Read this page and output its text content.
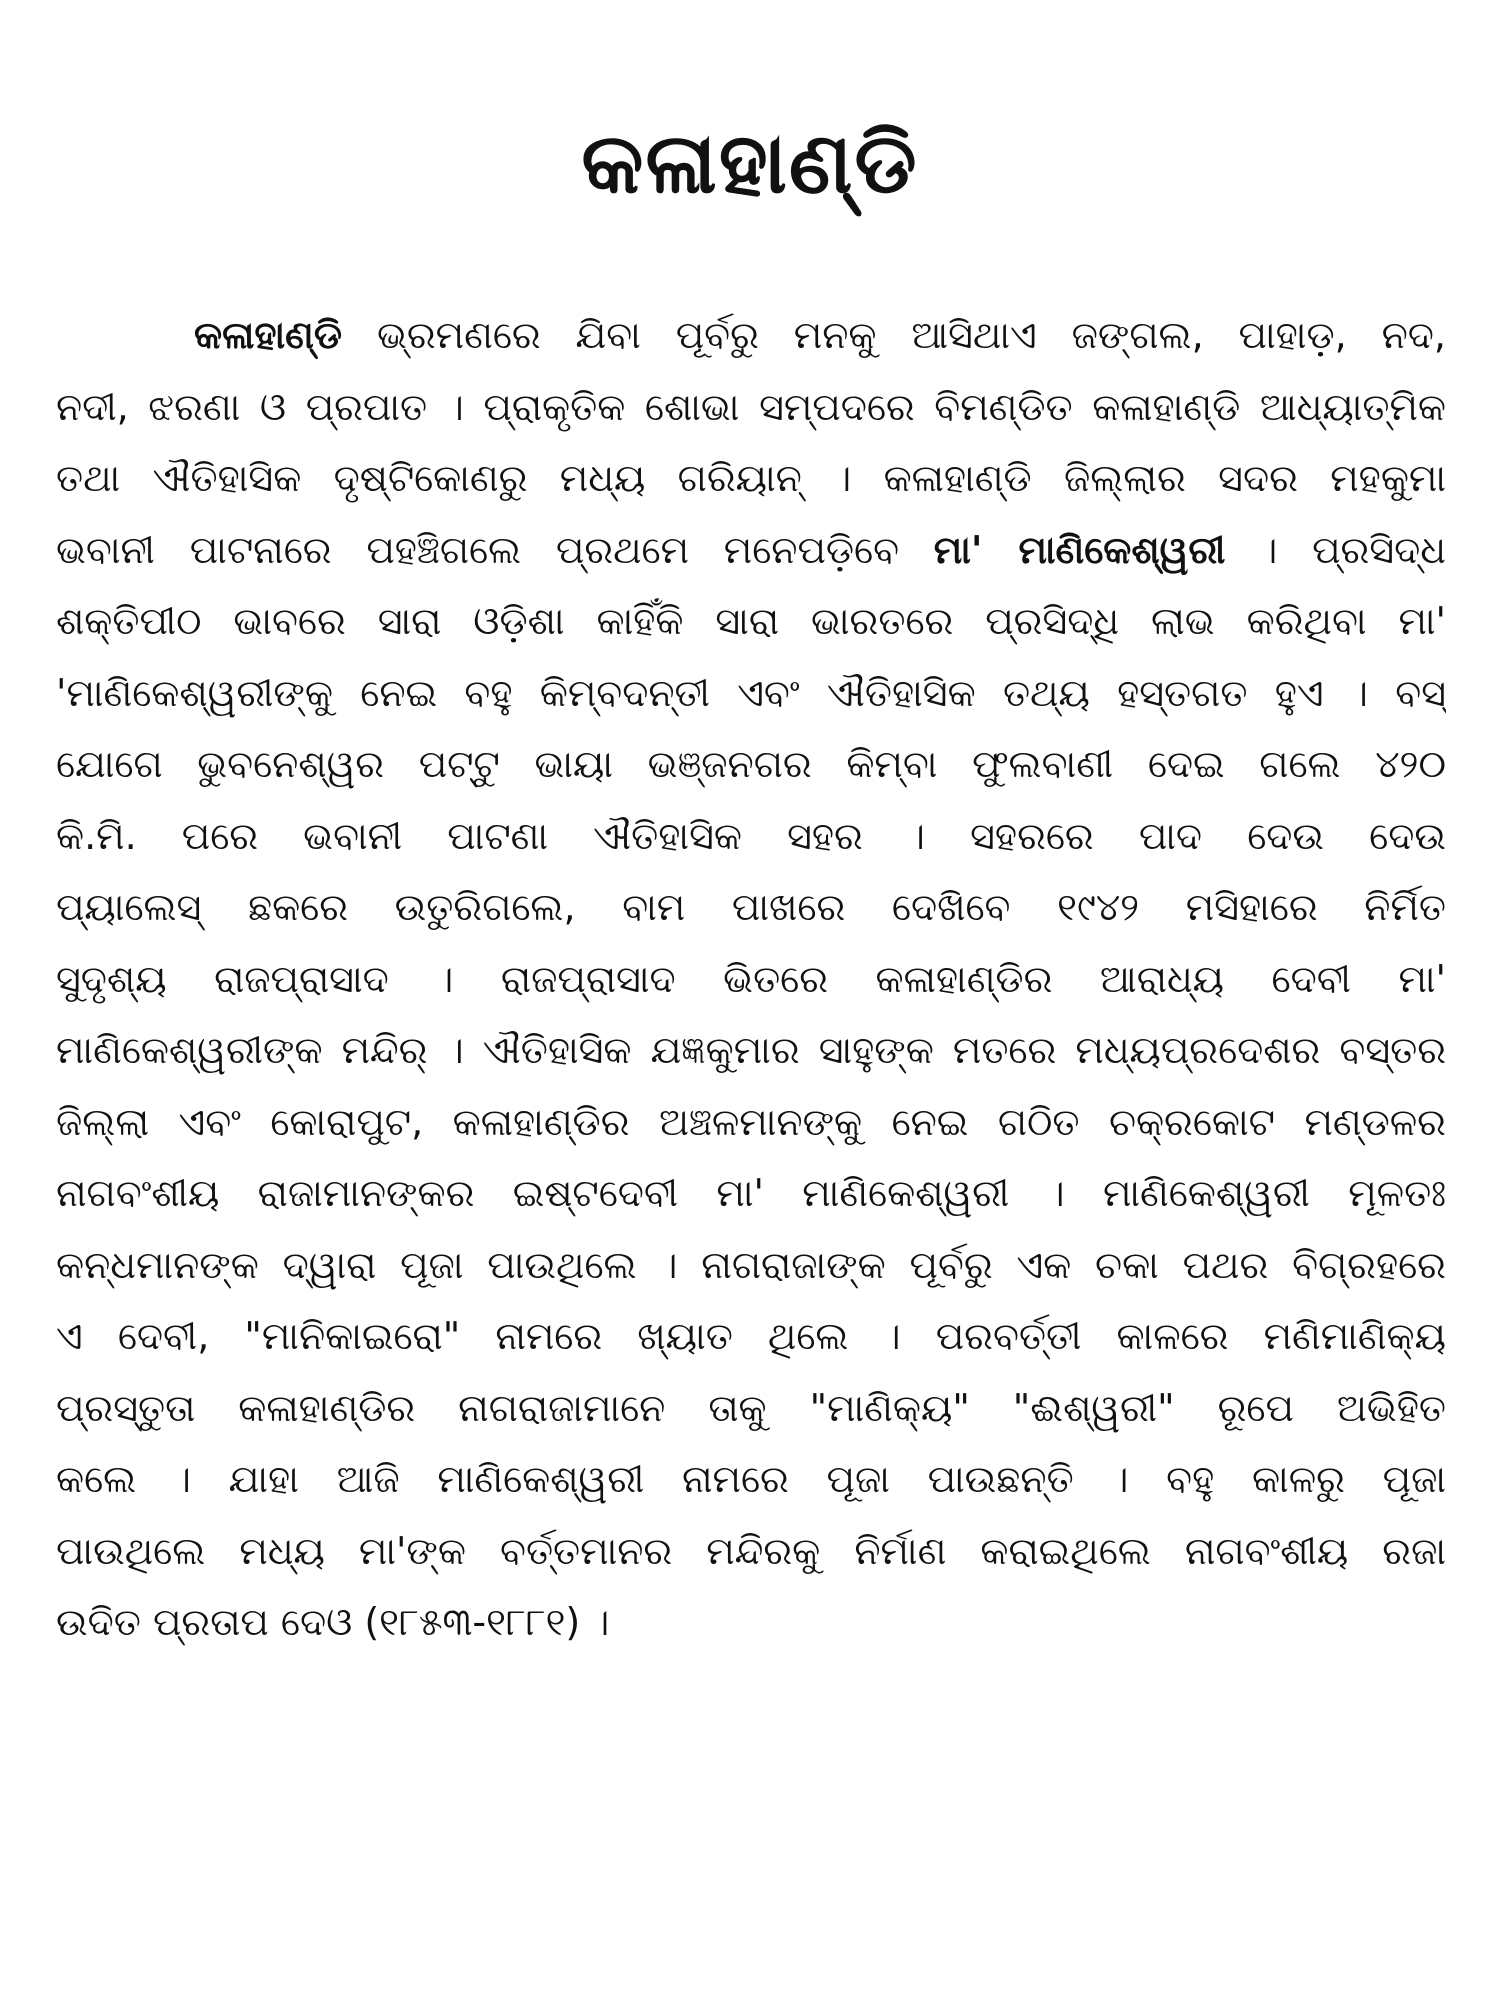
କଳାହାଣ୍ଡି
କଳାହାଣ୍ଡି ଭ୍ରମଣରେ ଯିବା ପୂର୍ବରୁ ମନକୁ ଆସିଥାଏ ଜଙ୍ଗଲ, ପାହାଡ଼, ନଦ,
ନଦୀ, ଝରଣା ଓ ପ୍ରପାତ । ପ୍ରାକୃତିକ ଶୋଭା ସମ୍ପଦରେ ବିମଣ୍ଡିତ କଳାହାଣ୍ଡି ଆଧ୍ୟାତ୍ମିକ
ତଥା ଐତିହାସିକ ଦୃଷ୍ଟିକୋଣରୁ ମଧ୍ୟ ଗରିୟାନ୍ । କଳାହାଣ୍ଡି ଜିଲ୍ଲାର ସଦର ମହକୁମା
ଭବାନୀ ପାଟନାରେ ପହଞ୍ଚିଗଲେ ପ୍ରଥମେ ମନେପଡ଼ିବେ ମା' ମାଣିକେଶ୍ୱରୀ । ପ୍ରସିଦ୍ଧ
ଶକ୍ତିପୀଠ ଭାବରେ ସାରା ଓଡ଼ିଶା କାହିଁକି ସାରା ଭାରତରେ ପ୍ରସିଦ୍ଧି ଲାଭ କରିଥିବା ମା'
'ମାଣିକେଶ୍ୱରୀଙ୍କୁ ନେଇ ବହୁ କିମ୍ବଦନ୍ତୀ ଏବଂ ଐତିହାସିକ ତଥ୍ୟ ହସ୍ତଗତ ହୁଏ । ବସ୍
ଯୋଗେ ଭୁବନେଶ୍ୱର ପଟ୍ଟୁ ଭାୟା ଭଞ୍ଜନଗର କିମ୍ବା ଫୁଲବାଣୀ ଦେଇ ଗଲେ ୪୨୦
କି.ମି. ପରେ ଭବାନୀ ପାଟଣା ଐତିହାସିକ ସହର । ସହରରେ ପାଦ ଦେଉ ଦେଉ
ପ୍ୟାଲେସ୍ ଛକରେ ଉତୁରିଗଲେ, ବାମ ପାଖରେ ଦେଖିବେ ୧୯୪୨ ମସିହାରେ ନିର୍ମିତ
ସୁଦୃଶ୍ୟ ରାଜପ୍ରାସାଦ । ରାଜପ୍ରାସାଦ ଭିତରେ କଳାହାଣ୍ଡିର ଆରାଧ୍ୟ ଦେବୀ ମା'
ମାଣିକେଶ୍ୱରୀଙ୍କ ମନ୍ଦିର୍ । ଐତିହାସିକ ଯଜ୍ଞକୁମାର ସାହୁଙ୍କ ମତରେ ମଧ୍ୟପ୍ରଦେଶର ବସ୍ତର
ଜିଲ୍ଲା ଏବଂ କୋରାପୁଟ, କଳାହାଣ୍ଡିର ଅଞ୍ଚଳମାନଙ୍କୁ ନେଇ ଗଠିତ ଚକ୍ରକୋଟ ମଣ୍ଡଳର
ନାଗବଂଶୀୟ ରାଜାମାନଙ୍କର ଇଷ୍ଟଦେବୀ ମା' ମାଣିକେଶ୍ୱରୀ । ମାଣିକେଶ୍ୱରୀ ମୂଳତଃ
କନ୍ଧମାନଙ୍କ ଦ୍ୱାରା ପୂଜା ପାଉଥିଲେ । ନାଗରାଜାଙ୍କ ପୂର୍ବରୁ ଏକ ଚକା ପଥର ବିଗ୍ରହରେ
ଏ ଦେବୀ, "ମାନିକାଇରୋ" ନାମରେ ଖ୍ୟାତ ଥିଲେ । ପରବର୍ତ୍ତୀ କାଳରେ ମଣିମାଣିକ୍ୟ
ପ୍ରସ୍ତୁତା କଳାହାଣ୍ଡିର ନାଗରାଜାମାନେ ତାକୁ "ମାଣିକ୍ୟ" "ଈଶ୍ୱରୀ" ରୂପେ ଅଭିହିତ
କଲେ । ଯାହା ଆଜି ମାଣିକେଶ୍ୱରୀ ନାମରେ ପୂଜା ପାଉଛନ୍ତି । ବହୁ କାଳରୁ ପୂଜା
ପାଉଥିଲେ ମଧ୍ୟ ମା'ଙ୍କ ବର୍ତ୍ତମାନର ମନ୍ଦିରକୁ ନିର୍ମାଣ କରାଇଥିଲେ ନାଗବଂଶୀୟ ରଜା
ଉଦିତ ପ୍ରତାପ ଦେଓ (୧୮୫୩-୧୮୮୧) ।
